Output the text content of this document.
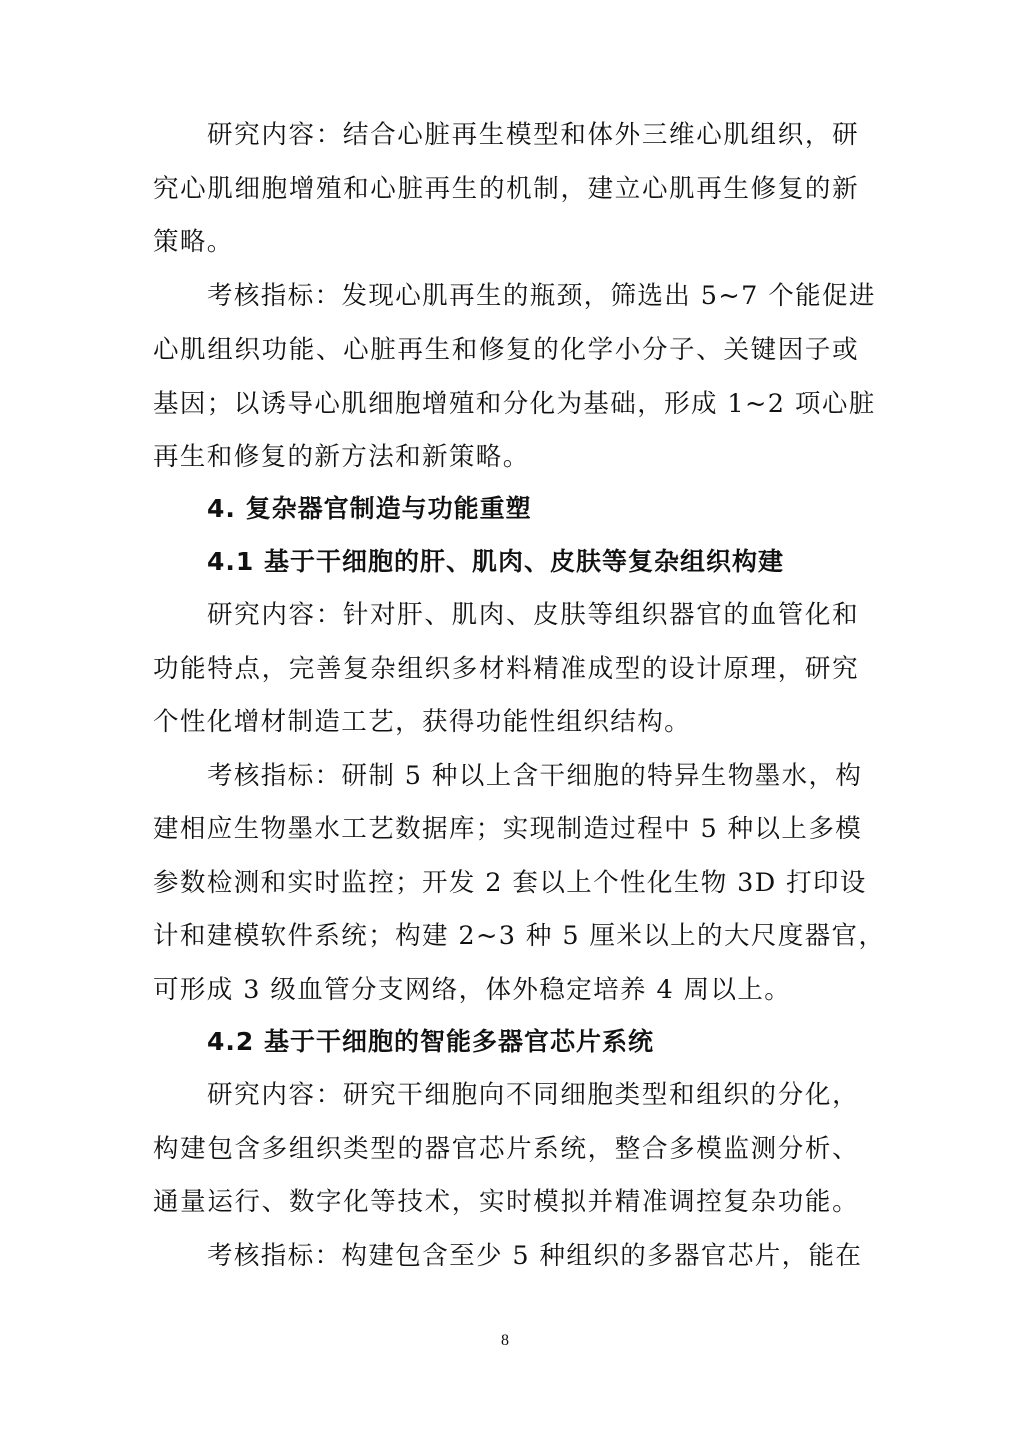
研究内容：结合心脏再生模型和体外三维心肌组织，研
究心肌细胞增殖和心脏再生的机制，建立心肌再生修复的新
策略。
考核指标：发现心肌再生的瓶颈，筛选出 5~7 个能促进
心肌组织功能、心脏再生和修复的化学小分子、关键因子或
基因；以诱导心肌细胞增殖和分化为基础，形成 1~2 项心脏
再生和修复的新方法和新策略。
4. 复杂器官制造与功能重塑
4.1 基于干细胞的肝、肌肉、皮肤等复杂组织构建
研究内容：针对肝、肌肉、皮肤等组织器官的血管化和
功能特点，完善复杂组织多材料精准成型的设计原理，研究
个性化增材制造工艺，获得功能性组织结构。
考核指标：研制 5 种以上含干细胞的特异生物墨水，构
建相应生物墨水工艺数据库；实现制造过程中 5 种以上多模
参数检测和实时监控；开发 2 套以上个性化生物 3D 打印设
计和建模软件系统；构建 2~3 种 5 厘米以上的大尺度器官，
可形成 3 级血管分支网络，体外稳定培养 4 周以上。
4.2 基于干细胞的智能多器官芯片系统
研究内容：研究干细胞向不同细胞类型和组织的分化，
构建包含多组织类型的器官芯片系统，整合多模监测分析、
通量运行、数字化等技术，实时模拟并精准调控复杂功能。
考核指标：构建包含至少 5 种组织的多器官芯片，能在
8
